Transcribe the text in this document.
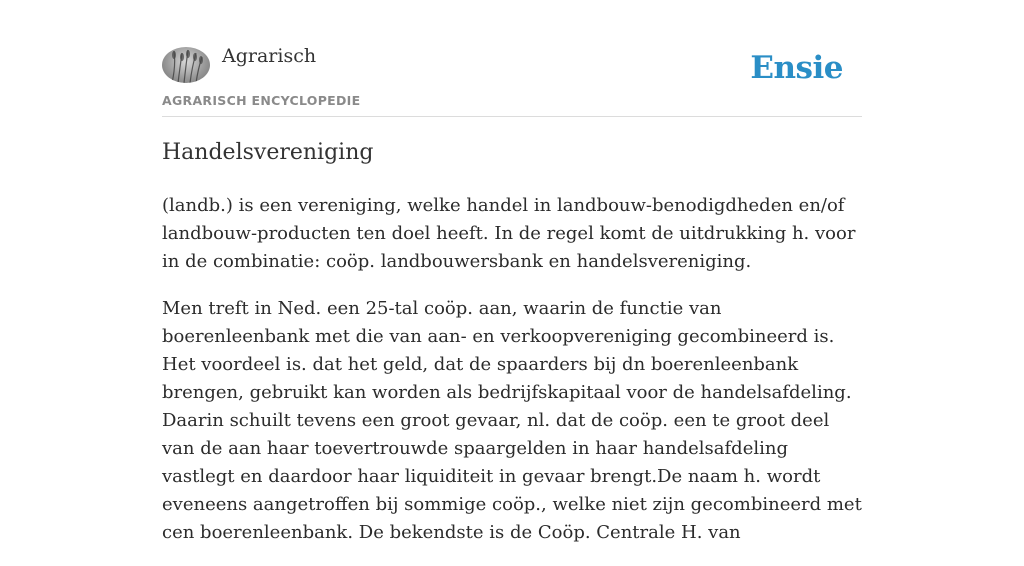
Agrarisch
AGRARISCH ENCYCLOPEDIE
Ensie
Handelsvereniging

(landb.) is een vereniging, welke handel in landbouw-benodigdheden en/of landbouw-producten ten doel heeft. In de regel komt de uitdrukking h. voor in de combinatie: coöp. landbouwersbank en handelsvereniging.

Men treft in Ned. een 25-tal coöp. aan, waarin de functie van boerenleenbank met die van aan- en verkoopvereniging gecombineerd is. Het voordeel is. dat het geld, dat de spaarders bij dn boerenleenbank brengen, gebruikt kan worden als bedrijfskapitaal voor de handelsafdeling. Daarin schuilt tevens een groot gevaar, nl. dat de coöp. een te groot deel van de aan haar toevertrouwde spaargelden in haar handelsafdeling vastlegt en daardoor haar liquiditeit in gevaar brengt.De naam h. wordt eveneens aangetroffen bij sommige coöp., welke niet zijn gecombineerd met cen boerenleenbank. De bekendste is de Coöp. Centrale H. van
